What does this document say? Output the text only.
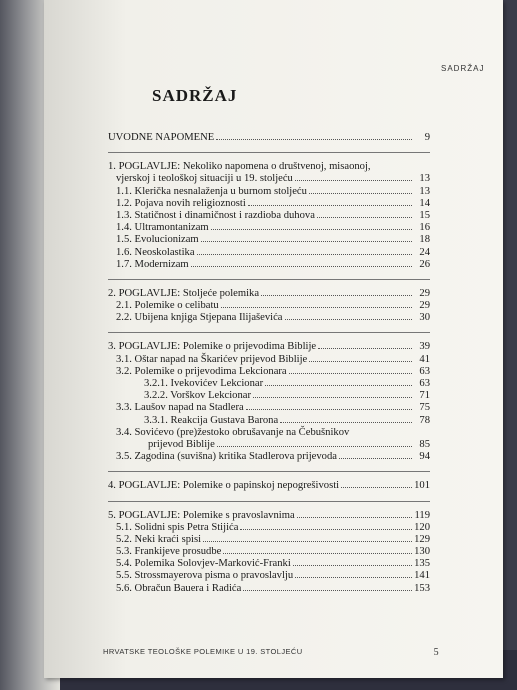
SADRŽAJ
SADRŽAJ
UVODNE NAPOMENE	9
1. POGLAVLJE: Nekoliko napomena o društvenoj, misaonoj,
vjerskoj i teološkoj situaciji u 19. stoljeću	13
1.1. Klerička nesnalaženja u burnom stoljeću	13
1.2. Pojava novih religioznosti	14
1.3. Statičnost i dinamičnost i razdioba duhova	15
1.4. Ultramontanizam	16
1.5. Evolucionizam	18
1.6. Neoskolastika	24
1.7. Modernizam	26
2. POGLAVLJE: Stoljeće polemika	29
2.1. Polemike o celibatu	29
2.2. Ubijena knjiga Stjepana Ilijaševića	30
3. POGLAVLJE: Polemike o prijevodima Biblije	39
3.1. Oštar napad na Škarićev prijevod Biblije	41
3.2. Polemike o prijevodima Lekcionara	63
3.2.1. Ivekovićev Lekcionar	63
3.2.2. Vorškov Lekcionar	71
3.3. Laušov napad na Stadlera	75
3.3.1. Reakcija Gustava Barona	78
3.4. Sovićevo (pre)žestoko obrušavanje na Čebušnikov
prijevod Biblije	85
3.5. Zagodina (suvišna) kritika Stadlerova prijevoda	94
4. POGLAVLJE: Polemike o papinskoj nepogrešivosti	101
5. POGLAVLJE: Polemike s pravoslavnima	119
5.1. Solidni spis Petra Stijića	120
5.2. Neki kraći spisi	129
5.3. Frankijeve prosudbe	130
5.4. Polemika Solovjev-Marković-Franki	135
5.5. Strossmayerova pisma o pravoslavlju	141
5.6. Obračun Bauera i Radića	153
HRVATSKE TEOLOŠKE POLEMIKE U 19. STOLJEĆU	5
